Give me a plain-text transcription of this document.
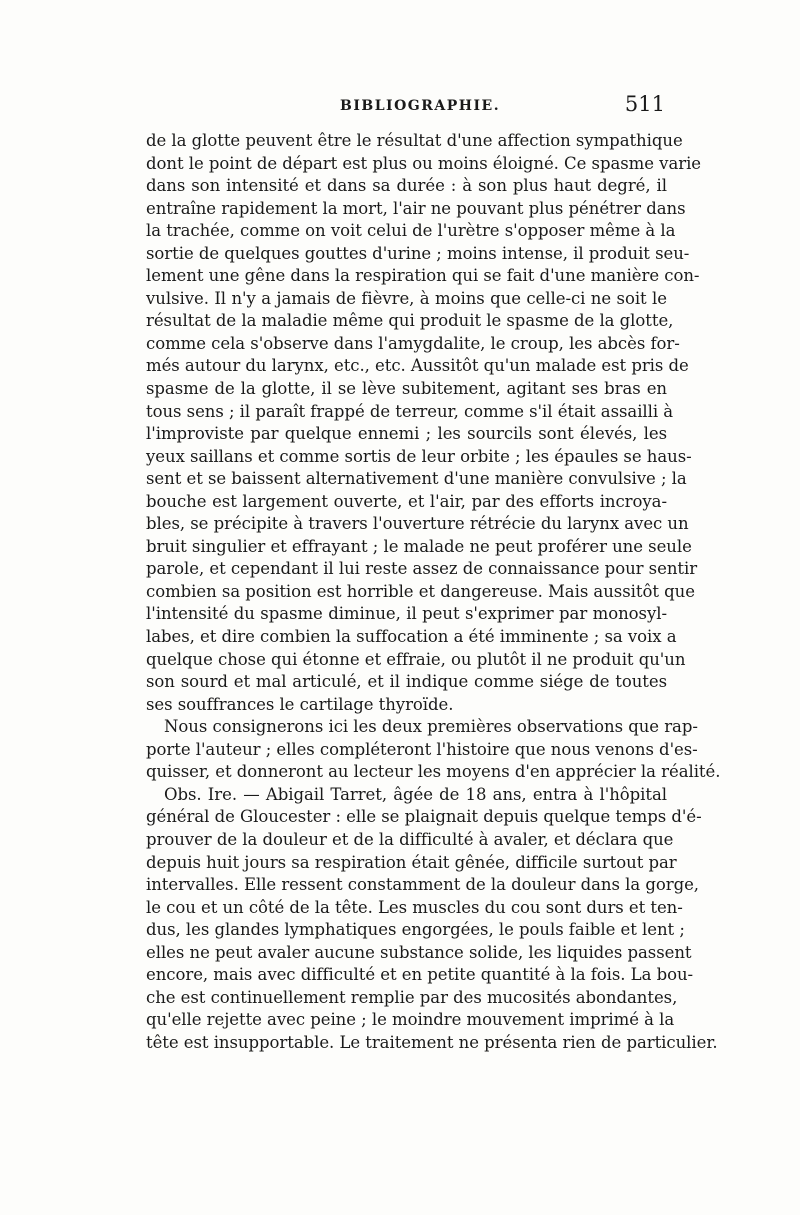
BIBLIOGRAPHIE.	511
de la glotte peuvent être le résultat d'une affection sympathique
dont le point de départ est plus ou moins éloigné. Ce spasme varie
dans son intensité et dans sa durée : à son plus haut degré, il
entraîne rapidement la mort, l'air ne pouvant plus pénétrer dans
la trachée, comme on voit celui de l'urètre s'opposer même à la
sortie de quelques gouttes d'urine ; moins intense, il produit seu-
lement une gêne dans la respiration qui se fait d'une manière con-
vulsive. Il n'y a jamais de fièvre, à moins que celle-ci ne soit le
résultat de la maladie même qui produit le spasme de la glotte,
comme cela s'observe dans l'amygdalite, le croup, les abcès for-
més autour du larynx, etc., etc. Aussitôt qu'un malade est pris de
spasme de la glotte, il se lève subitement, agitant ses bras en
tous sens ; il paraît frappé de terreur, comme s'il était assailli à
l'improviste par quelque ennemi ; les sourcils sont élevés, les
yeux saillans et comme sortis de leur orbite ; les épaules se haus-
sent et se baissent alternativement d'une manière convulsive ; la
bouche est largement ouverte, et l'air, par des efforts incroya-
bles, se précipite à travers l'ouverture rétrécie du larynx avec un
bruit singulier et effrayant ; le malade ne peut proférer une seule
parole, et cependant il lui reste assez de connaissance pour sentir
combien sa position est horrible et dangereuse. Mais aussitôt que
l'intensité du spasme diminue, il peut s'exprimer par monosyl-
labes, et dire combien la suffocation a été imminente ; sa voix a
quelque chose qui étonne et effraie, ou plutôt il ne produit qu'un
son sourd et mal articulé, et il indique comme siége de toutes
ses souffrances le cartilage thyroïde.
Nous consignerons ici les deux premières observations que rap-
porte l'auteur ; elles compléteront l'histoire que nous venons d'es-
quisser, et donneront au lecteur les moyens d'en apprécier la réalité.
Obs. Ire. — Abigail Tarret, âgée de 18 ans, entra à l'hôpital
général de Gloucester : elle se plaignait depuis quelque temps d'é-
prouver de la douleur et de la difficulté à avaler, et déclara que
depuis huit jours sa respiration était gênée, difficile surtout par
intervalles. Elle ressent constamment de la douleur dans la gorge,
le cou et un côté de la tête. Les muscles du cou sont durs et ten-
dus, les glandes lymphatiques engorgées, le pouls faible et lent ;
elles ne peut avaler aucune substance solide, les liquides passent
encore, mais avec difficulté et en petite quantité à la fois. La bou-
che est continuellement remplie par des mucosités abondantes,
qu'elle rejette avec peine ; le moindre mouvement imprimé à la
tête est insupportable. Le traitement ne présenta rien de particulier.
